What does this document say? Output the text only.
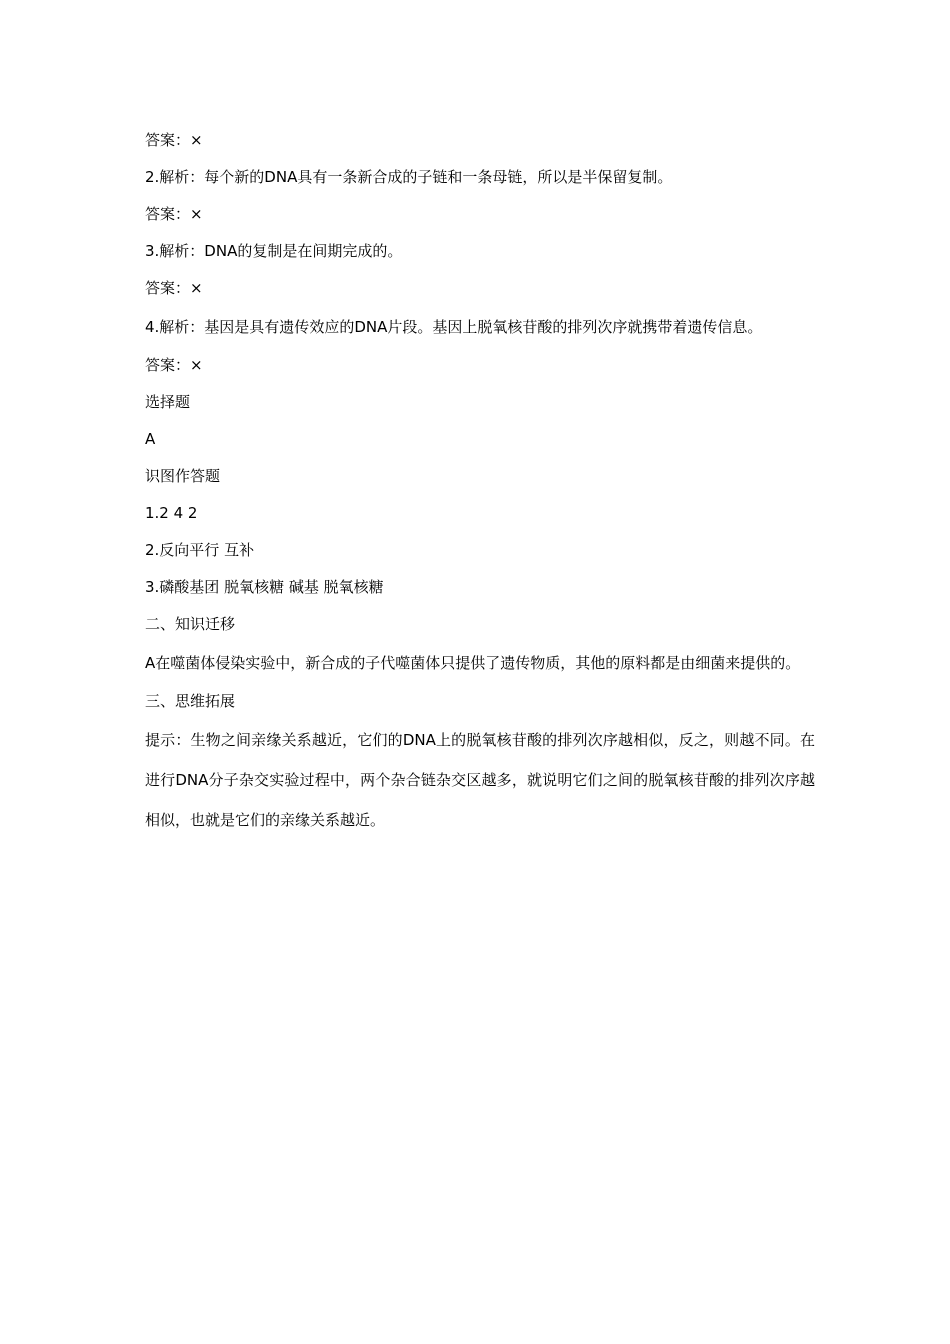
答案：×
2.解析：每个新的DNA具有一条新合成的子链和一条母链，所以是半保留复制。
答案：×
3.解析：DNA的复制是在间期完成的。
答案：×
4.解析：基因是具有遗传效应的DNA片段。基因上脱氧核苷酸的排列次序就携带着遗传信息。
答案：×
选择题
A
识图作答题
1.2 4 2
2.反向平行 互补
3.磷酸基团 脱氧核糖 碱基 脱氧核糖
二、知识迁移
A在噬菌体侵染实验中，新合成的子代噬菌体只提供了遗传物质，其他的原料都是由细菌来提供的。
三、思维拓展
提示：生物之间亲缘关系越近，它们的DNA上的脱氧核苷酸的排列次序越相似，反之，则越不同。在进行DNA分子杂交实验过程中，两个杂合链杂交区越多，就说明它们之间的脱氧核苷酸的排列次序越相似，也就是它们的亲缘关系越近。
